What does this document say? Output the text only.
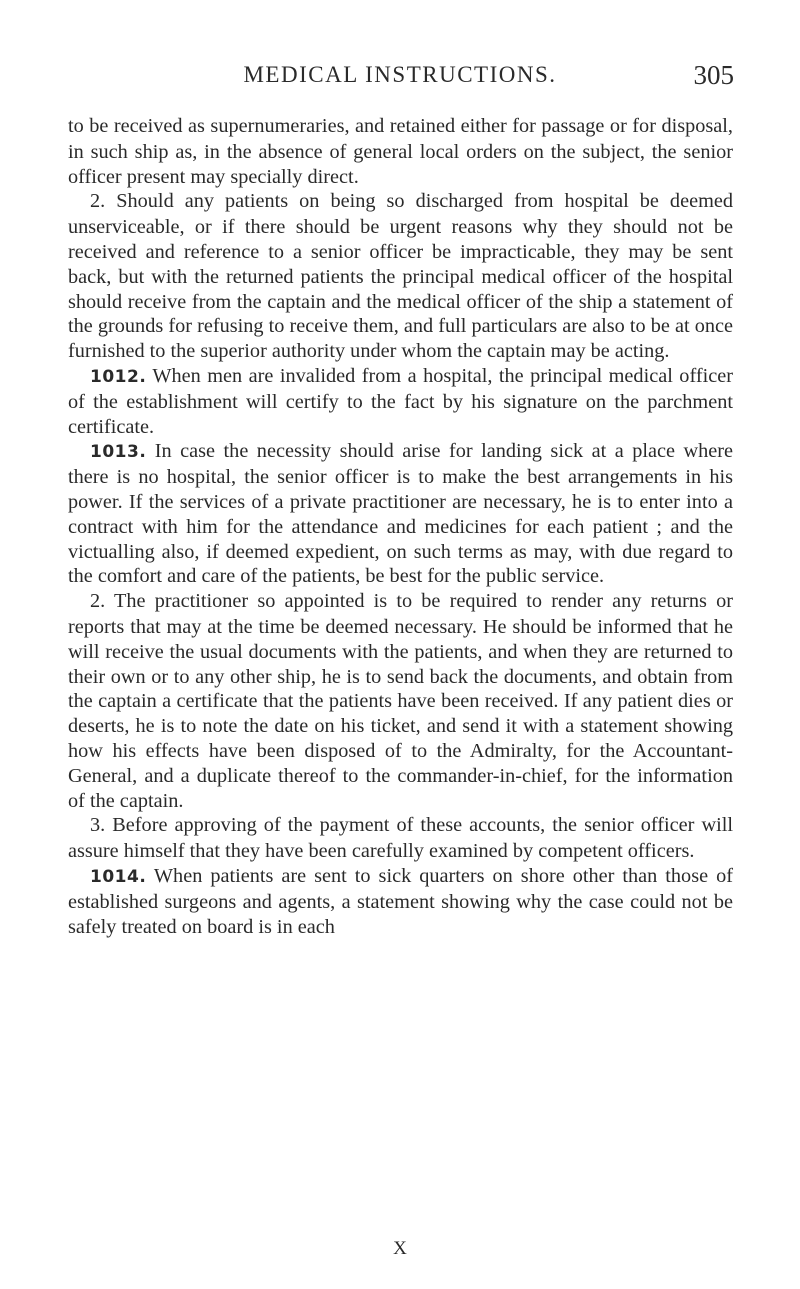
MEDICAL INSTRUCTIONS.	305

to be received as supernumeraries, and retained either for passage or for disposal, in such ship as, in the absence of general local orders on the subject, the senior officer present may specially direct.

2. Should any patients on being so discharged from hospital be deemed unserviceable, or if there should be urgent reasons why they should not be received and reference to a senior officer be impracticable, they may be sent back, but with the returned patients the principal medical officer of the hospital should receive from the captain and the medical officer of the ship a statement of the grounds for refusing to receive them, and full particulars are also to be at once furnished to the superior authority under whom the captain may be acting.

1012. When men are invalided from a hospital, the principal medical officer of the establishment will certify to the fact by his signature on the parchment certificate.

1013. In case the necessity should arise for landing sick at a place where there is no hospital, the senior officer is to make the best arrangements in his power. If the services of a private practitioner are necessary, he is to enter into a contract with him for the attendance and medicines for each patient ; and the victualling also, if deemed expedient, on such terms as may, with due regard to the comfort and care of the patients, be best for the public service.

2. The practitioner so appointed is to be required to render any returns or reports that may at the time be deemed necessary. He should be informed that he will receive the usual documents with the patients, and when they are returned to their own or to any other ship, he is to send back the documents, and obtain from the captain a certificate that the patients have been received. If any patient dies or deserts, he is to note the date on his ticket, and send it with a statement showing how his effects have been disposed of to the Admiralty, for the Accountant-General, and a duplicate thereof to the commander-in-chief, for the information of the captain.

3. Before approving of the payment of these accounts, the senior officer will assure himself that they have been carefully examined by competent officers.

1014. When patients are sent to sick quarters on shore other than those of established surgeons and agents, a statement showing why the case could not be safely treated on board is in each

X
